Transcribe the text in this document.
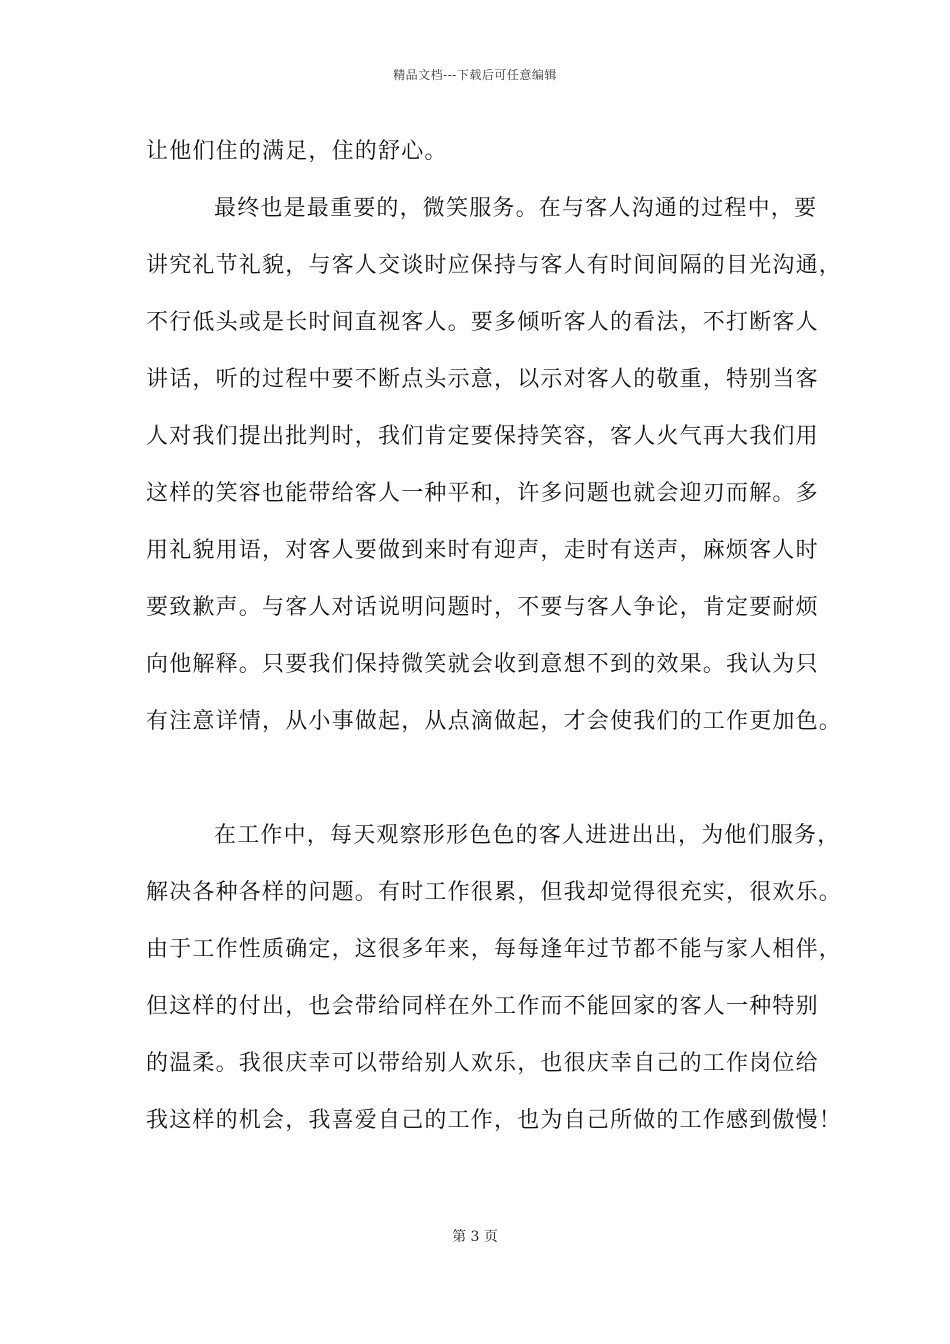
精品文档---下载后可任意编辑
让他们住的满足，住的舒心。
最终也是最重要的，微笑服务。在与客人沟通的过程中，要
讲究礼节礼貌，与客人交谈时应保持与客人有时间间隔的目光沟通，
不行低头或是长时间直视客人。要多倾听客人的看法，不打断客人
讲话，听的过程中要不断点头示意，以示对客人的敬重，特别当客
人对我们提出批判时，我们肯定要保持笑容，客人火气再大我们用
这样的笑容也能带给客人一种平和，许多问题也就会迎刃而解。多
用礼貌用语，对客人要做到来时有迎声，走时有送声，麻烦客人时
要致歉声。与客人对话说明问题时，不要与客人争论，肯定要耐烦
向他解释。只要我们保持微笑就会收到意想不到的效果。我认为只
有注意详情，从小事做起，从点滴做起，才会使我们的工作更加色。
在工作中，每天观察形形色色的客人进进出出，为他们服务，
解决各种各样的问题。有时工作很累，但我却觉得很充实，很欢乐。
由于工作性质确定，这很多年来，每每逢年过节都不能与家人相伴，
但这样的付出，也会带给同样在外工作而不能回家的客人一种特别
的温柔。我很庆幸可以带给别人欢乐，也很庆幸自己的工作岗位给
我这样的机会，我喜爱自己的工作，也为自己所做的工作感到傲慢！
第 3 页
